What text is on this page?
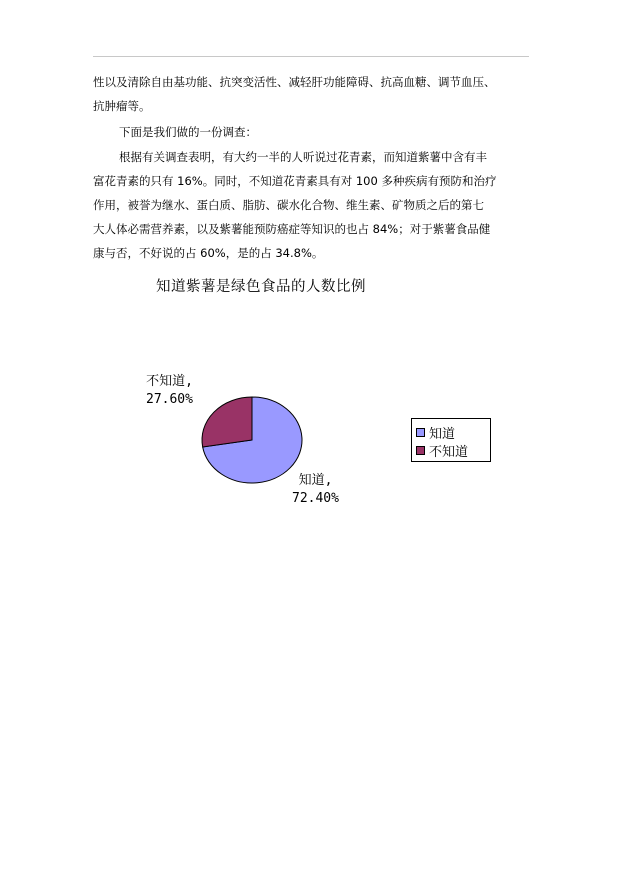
性以及清除自由基功能、抗突变活性、减轻肝功能障碍、抗高血糖、调节血压、
抗肿瘤等。
下面是我们做的一份调查：
根据有关调查表明，有大约一半的人听说过花青素，而知道紫薯中含有丰
富花青素的只有 16%。同时，不知道花青素具有对 100 多种疾病有预防和治疗
作用，被誉为继水、蛋白质、脂肪、碳水化合物、维生素、矿物质之后的第七
大人体必需营养素，以及紫薯能预防癌症等知识的也占 84%；对于紫薯食品健
康与否，不好说的占 60%，是的占 34.8%。
知道紫薯是绿色食品的人数比例
不知道,
27.60%
知道,
72.40%
知道
不知道
